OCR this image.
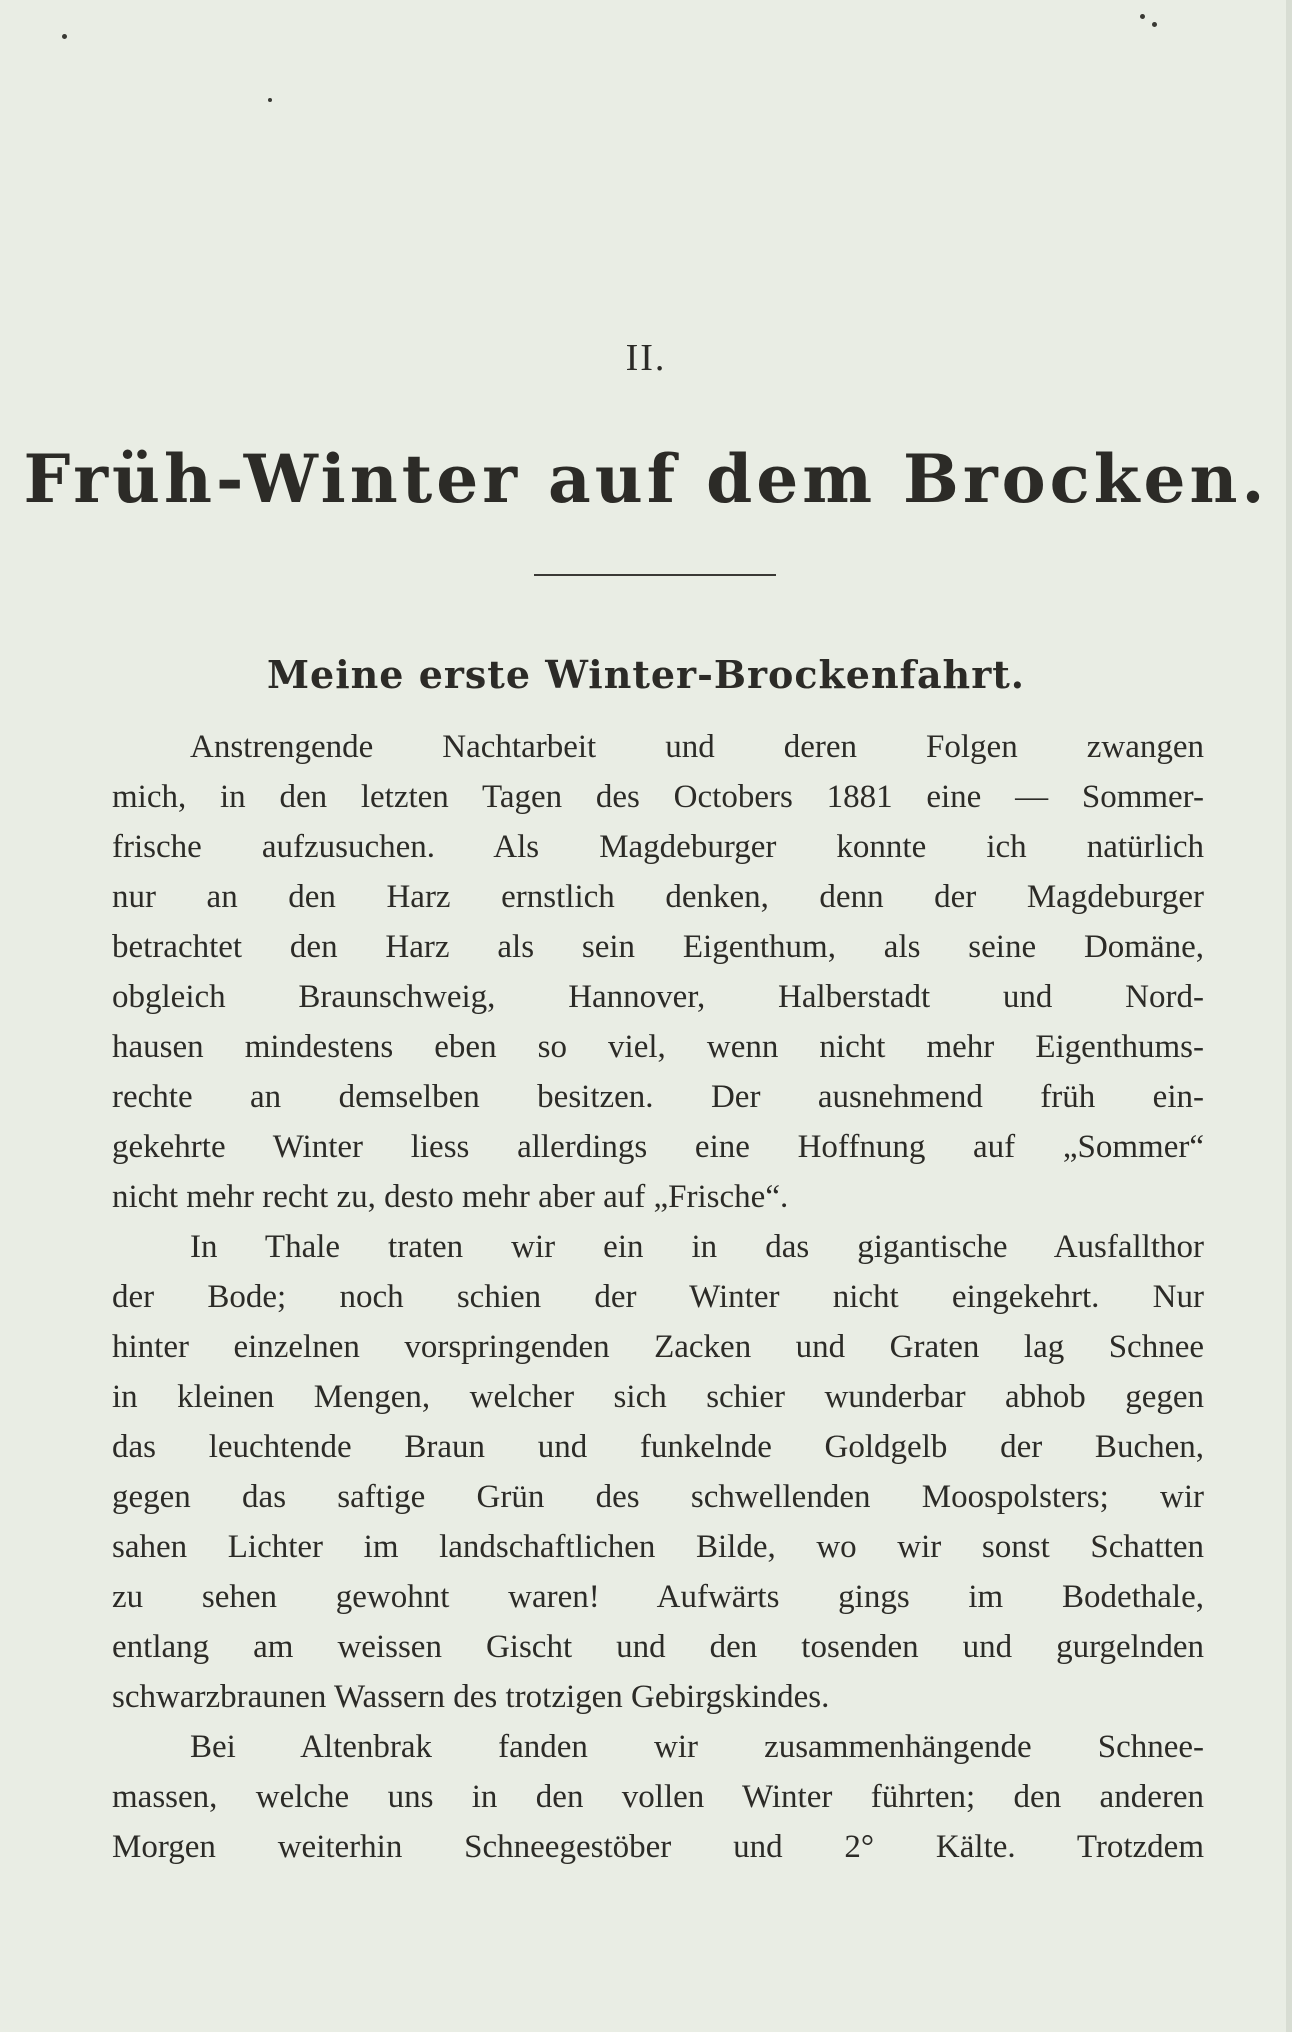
II.
Früh-Winter auf dem Brocken.
Meine erste Winter-Brockenfahrt.
Anstrengende Nachtarbeit und deren Folgen zwangen
mich, in den letzten Tagen des Octobers 1881 eine — Sommer-
frische aufzusuchen. Als Magdeburger konnte ich natürlich
nur an den Harz ernstlich denken, denn der Magdeburger
betrachtet den Harz als sein Eigenthum, als seine Domäne,
obgleich Braunschweig, Hannover, Halberstadt und Nord-
hausen mindestens eben so viel, wenn nicht mehr Eigenthums-
rechte an demselben besitzen. Der ausnehmend früh ein-
gekehrte Winter liess allerdings eine Hoffnung auf „Sommer“
nicht mehr recht zu, desto mehr aber auf „Frische“.
In Thale traten wir ein in das gigantische Ausfallthor
der Bode; noch schien der Winter nicht eingekehrt. Nur
hinter einzelnen vorspringenden Zacken und Graten lag Schnee
in kleinen Mengen, welcher sich schier wunderbar abhob gegen
das leuchtende Braun und funkelnde Goldgelb der Buchen,
gegen das saftige Grün des schwellenden Moospolsters; wir
sahen Lichter im landschaftlichen Bilde, wo wir sonst Schatten
zu sehen gewohnt waren! Aufwärts gings im Bodethale,
entlang am weissen Gischt und den tosenden und gurgelnden
schwarzbraunen Wassern des trotzigen Gebirgskindes.
Bei Altenbrak fanden wir zusammenhängende Schnee-
massen, welche uns in den vollen Winter führten; den anderen
Morgen weiterhin Schneegestöber und 2° Kälte. Trotzdem
